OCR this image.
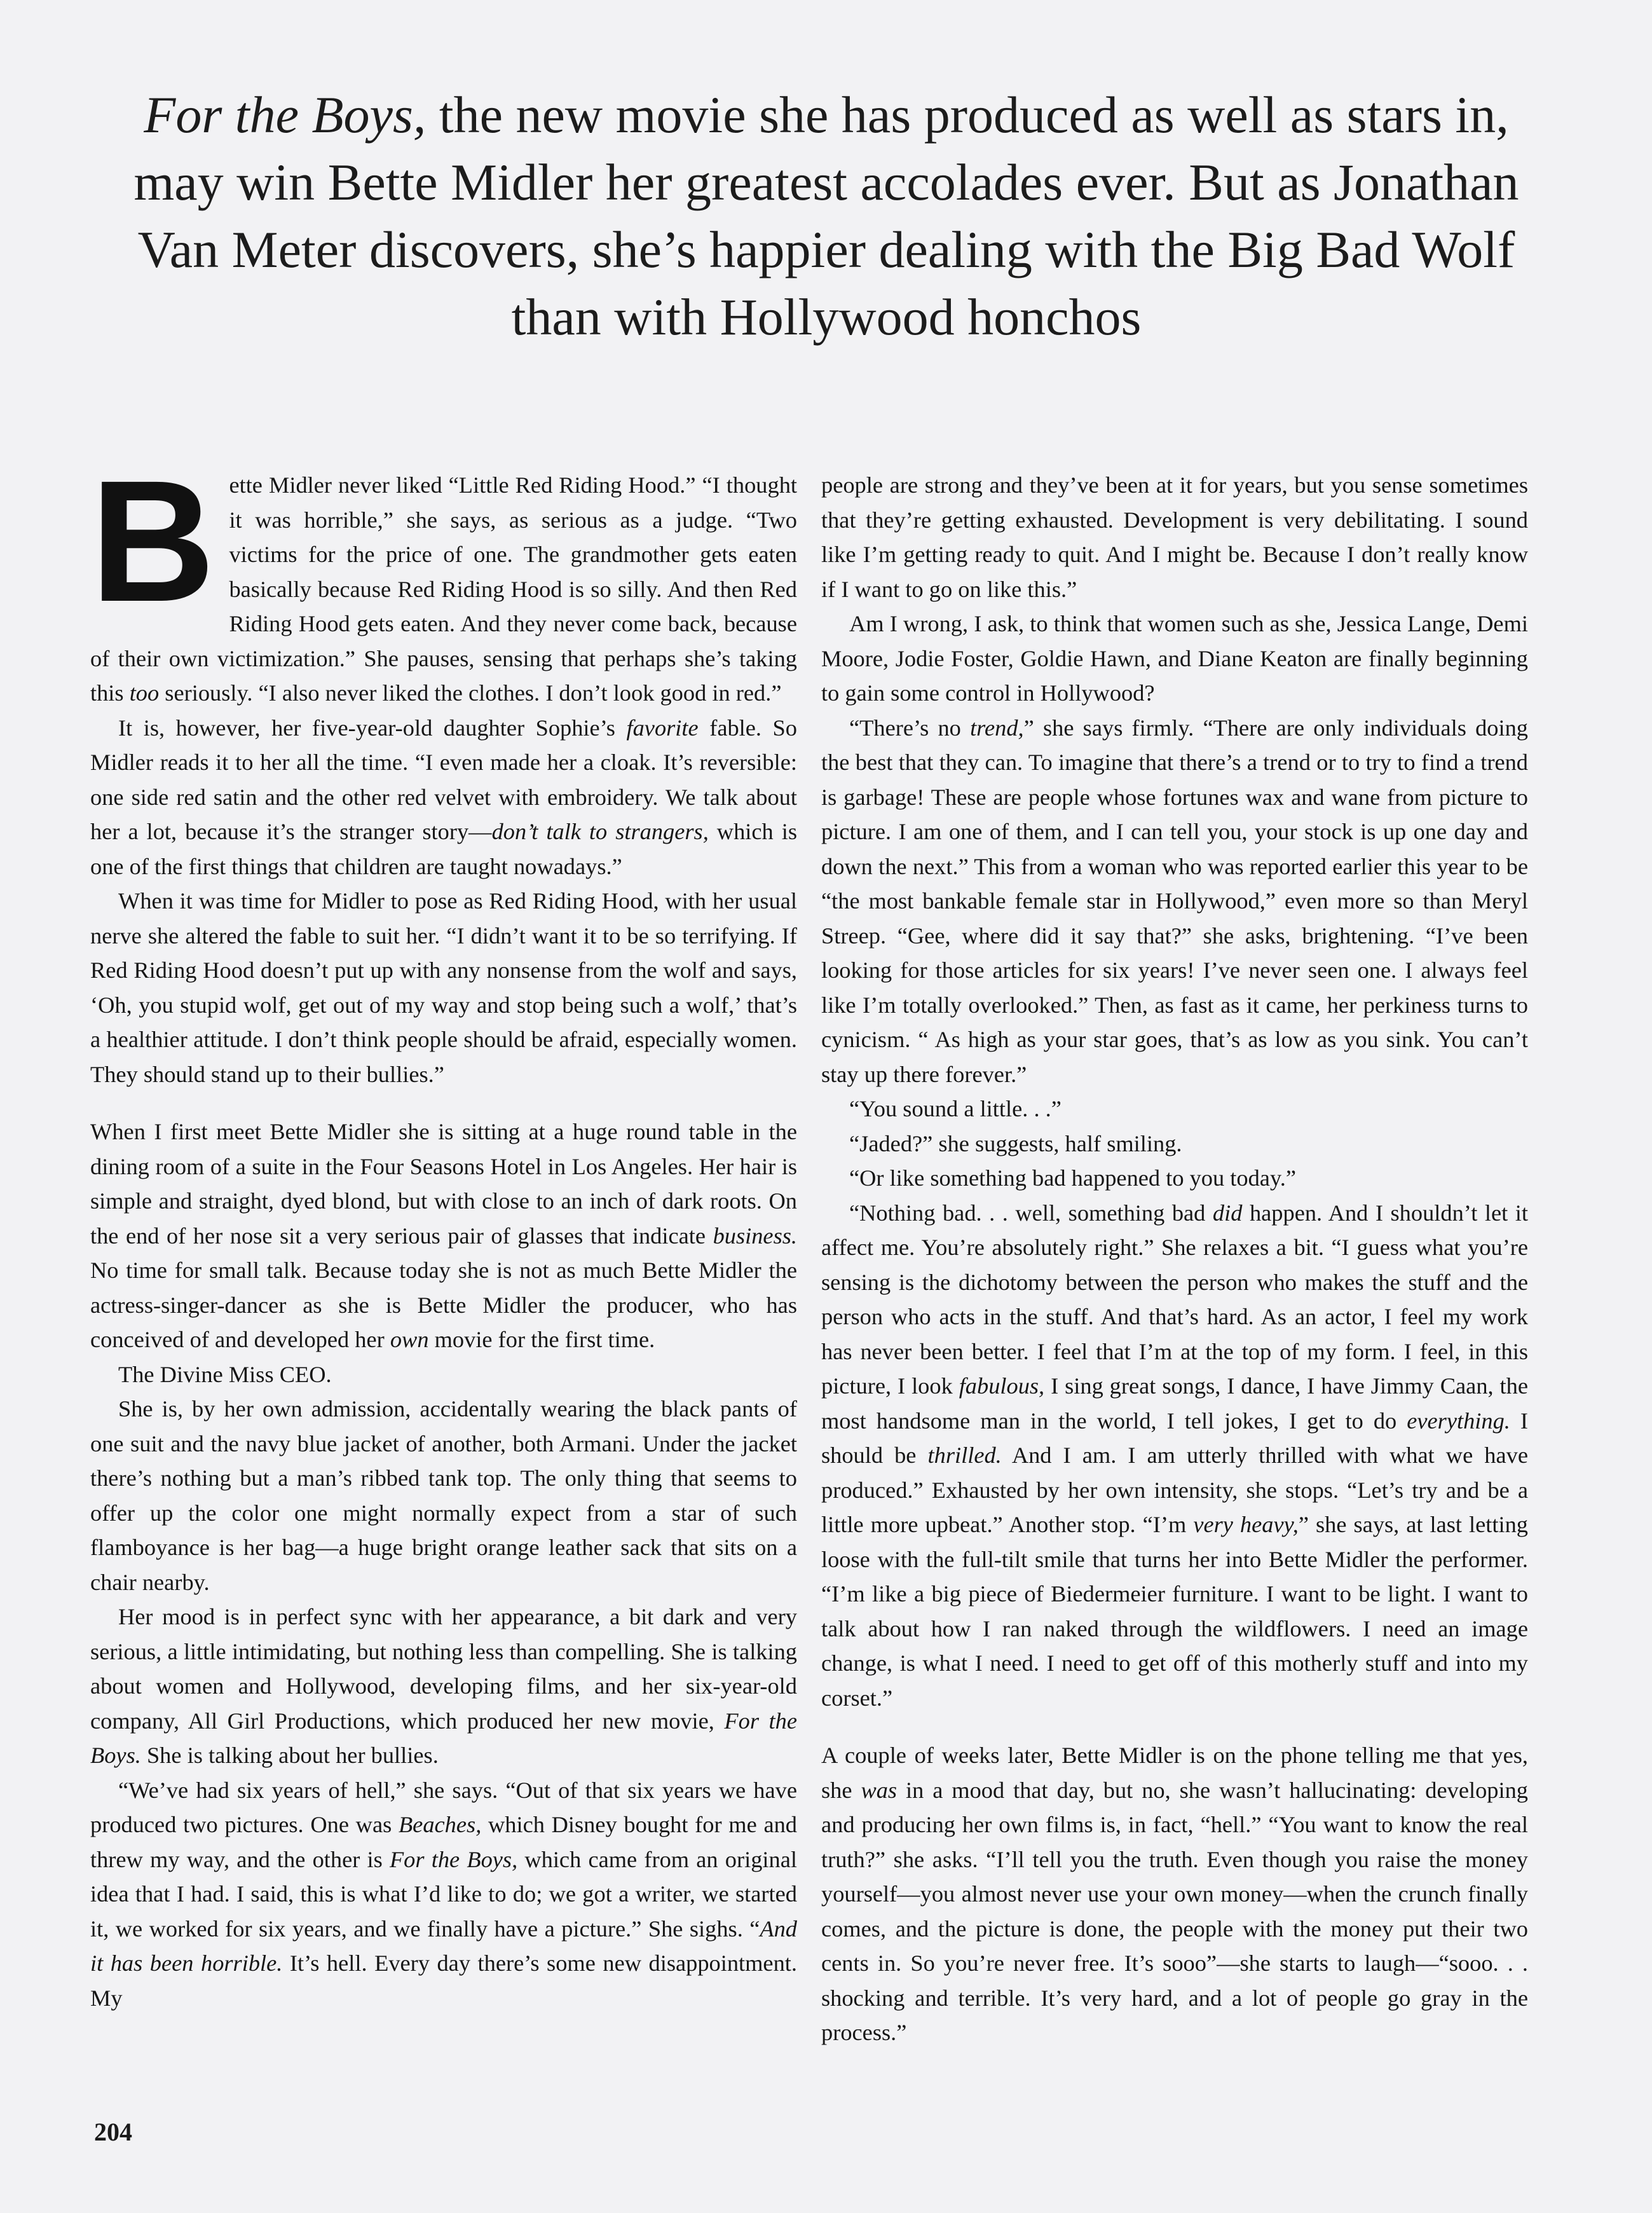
For the Boys, the new movie she has produced as well as stars in, may win Bette Midler her greatest accolades ever. But as Jonathan Van Meter discovers, she’s happier dealing with the Big Bad Wolf than with Hollywood honchos

Bette Midler never liked “Little Red Riding Hood.” “I thought it was horrible,” she says, as serious as a judge. “Two victims for the price of one. The grandmother gets eaten basically because Red Riding Hood is so silly. And then Red Riding Hood gets eaten. And they never come back, because of their own victimization.” She pauses, sensing that perhaps she’s taking this too seriously. “I also never liked the clothes. I don’t look good in red.”

It is, however, her five-year-old daughter Sophie’s favorite fable. So Midler reads it to her all the time. “I even made her a cloak. It’s reversible: one side red satin and the other red velvet with embroidery. We talk about her a lot, because it’s the stranger story—don’t talk to strangers, which is one of the first things that children are taught nowadays.”

When it was time for Midler to pose as Red Riding Hood, with her usual nerve she altered the fable to suit her. “I didn’t want it to be so terrifying. If Red Riding Hood doesn’t put up with any nonsense from the wolf and says, ‘Oh, you stupid wolf, get out of my way and stop being such a wolf,’ that’s a healthier attitude. I don’t think people should be afraid, especially women. They should stand up to their bullies.”

When I first meet Bette Midler she is sitting at a huge round table in the dining room of a suite in the Four Seasons Hotel in Los Angeles. Her hair is simple and straight, dyed blond, but with close to an inch of dark roots. On the end of her nose sit a very serious pair of glasses that indicate business. No time for small talk. Because today she is not as much Bette Midler the actress-singer-dancer as she is Bette Midler the producer, who has conceived of and developed her own movie for the first time.

The Divine Miss CEO.

She is, by her own admission, accidentally wearing the black pants of one suit and the navy blue jacket of another, both Armani. Under the jacket there’s nothing but a man’s ribbed tank top. The only thing that seems to offer up the color one might normally expect from a star of such flamboyance is her bag—a huge bright orange leather sack that sits on a chair nearby.

Her mood is in perfect sync with her appearance, a bit dark and very serious, a little intimidating, but nothing less than compelling. She is talking about women and Hollywood, developing films, and her six-year-old company, All Girl Productions, which produced her new movie, For the Boys. She is talking about her bullies.

“We’ve had six years of hell,” she says. “Out of that six years we have produced two pictures. One was Beaches, which Disney bought for me and threw my way, and the other is For the Boys, which came from an original idea that I had. I said, this is what I’d like to do; we got a writer, we started it, we worked for six years, and we finally have a picture.” She sighs. “And it has been horrible. It’s hell. Every day there’s some new disappointment. My

people are strong and they’ve been at it for years, but you sense sometimes that they’re getting exhausted. Development is very debilitating. I sound like I’m getting ready to quit. And I might be. Because I don’t really know if I want to go on like this.”

Am I wrong, I ask, to think that women such as she, Jessica Lange, Demi Moore, Jodie Foster, Goldie Hawn, and Diane Keaton are finally beginning to gain some control in Hollywood?

“There’s no trend,” she says firmly. “There are only individuals doing the best that they can. To imagine that there’s a trend or to try to find a trend is garbage! These are people whose fortunes wax and wane from picture to picture. I am one of them, and I can tell you, your stock is up one day and down the next.” This from a woman who was reported earlier this year to be “the most bankable female star in Hollywood,” even more so than Meryl Streep. “Gee, where did it say that?” she asks, brightening. “I’ve been looking for those articles for six years! I’ve never seen one. I always feel like I’m totally overlooked.” Then, as fast as it came, her perkiness turns to cynicism. “ As high as your star goes, that’s as low as you sink. You can’t stay up there forever.”

“You sound a little. . .”

“Jaded?” she suggests, half smiling.

“Or like something bad happened to you today.”

“Nothing bad. . . well, something bad did happen. And I shouldn’t let it affect me. You’re absolutely right.” She relaxes a bit. “I guess what you’re sensing is the dichotomy between the person who makes the stuff and the person who acts in the stuff. And that’s hard. As an actor, I feel my work has never been better. I feel that I’m at the top of my form. I feel, in this picture, I look fabulous, I sing great songs, I dance, I have Jimmy Caan, the most handsome man in the world, I tell jokes, I get to do everything. I should be thrilled. And I am. I am utterly thrilled with what we have produced.” Exhausted by her own intensity, she stops. “Let’s try and be a little more upbeat.” Another stop. “I’m very heavy,” she says, at last letting loose with the full-tilt smile that turns her into Bette Midler the performer. “I’m like a big piece of Biedermeier furniture. I want to be light. I want to talk about how I ran naked through the wildflowers. I need an image change, is what I need. I need to get off of this motherly stuff and into my corset.”

A couple of weeks later, Bette Midler is on the phone telling me that yes, she was in a mood that day, but no, she wasn’t hallucinating: developing and producing her own films is, in fact, “hell.” “You want to know the real truth?” she asks. “I’ll tell you the truth. Even though you raise the money yourself—you almost never use your own money—when the crunch finally comes, and the picture is done, the people with the money put their two cents in. So you’re never free. It’s sooo”—she starts to laugh—“sooo. . . shocking and terrible. It’s very hard, and a lot of people go gray in the process.”

204
